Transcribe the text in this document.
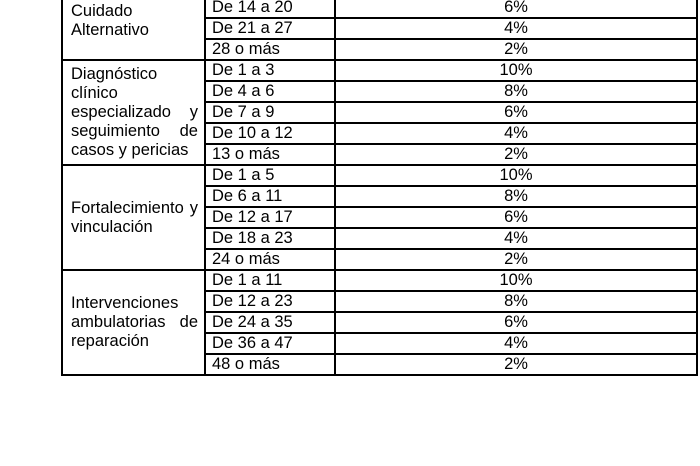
Cuidado Alternativo	De 14 a 20	6%
	De 21 a 27	4%
	28 o más	2%

Diagnóstico clínico especializado y seguimiento de casos y pericias	De 1 a 3	10%
	De 4 a 6	8%
	De 7 a 9	6%
	De 10 a 12	4%
	13 o más	2%

Fortalecimiento y vinculación	De 1 a 5	10%
	De 6 a 11	8%
	De 12 a 17	6%
	De 18 a 23	4%
	24 o más	2%

Intervenciones ambulatorias de reparación	De 1 a 11	10%
	De 12 a 23	8%
	De 24 a 35	6%
	De 36 a 47	4%
	48 o más	2%
